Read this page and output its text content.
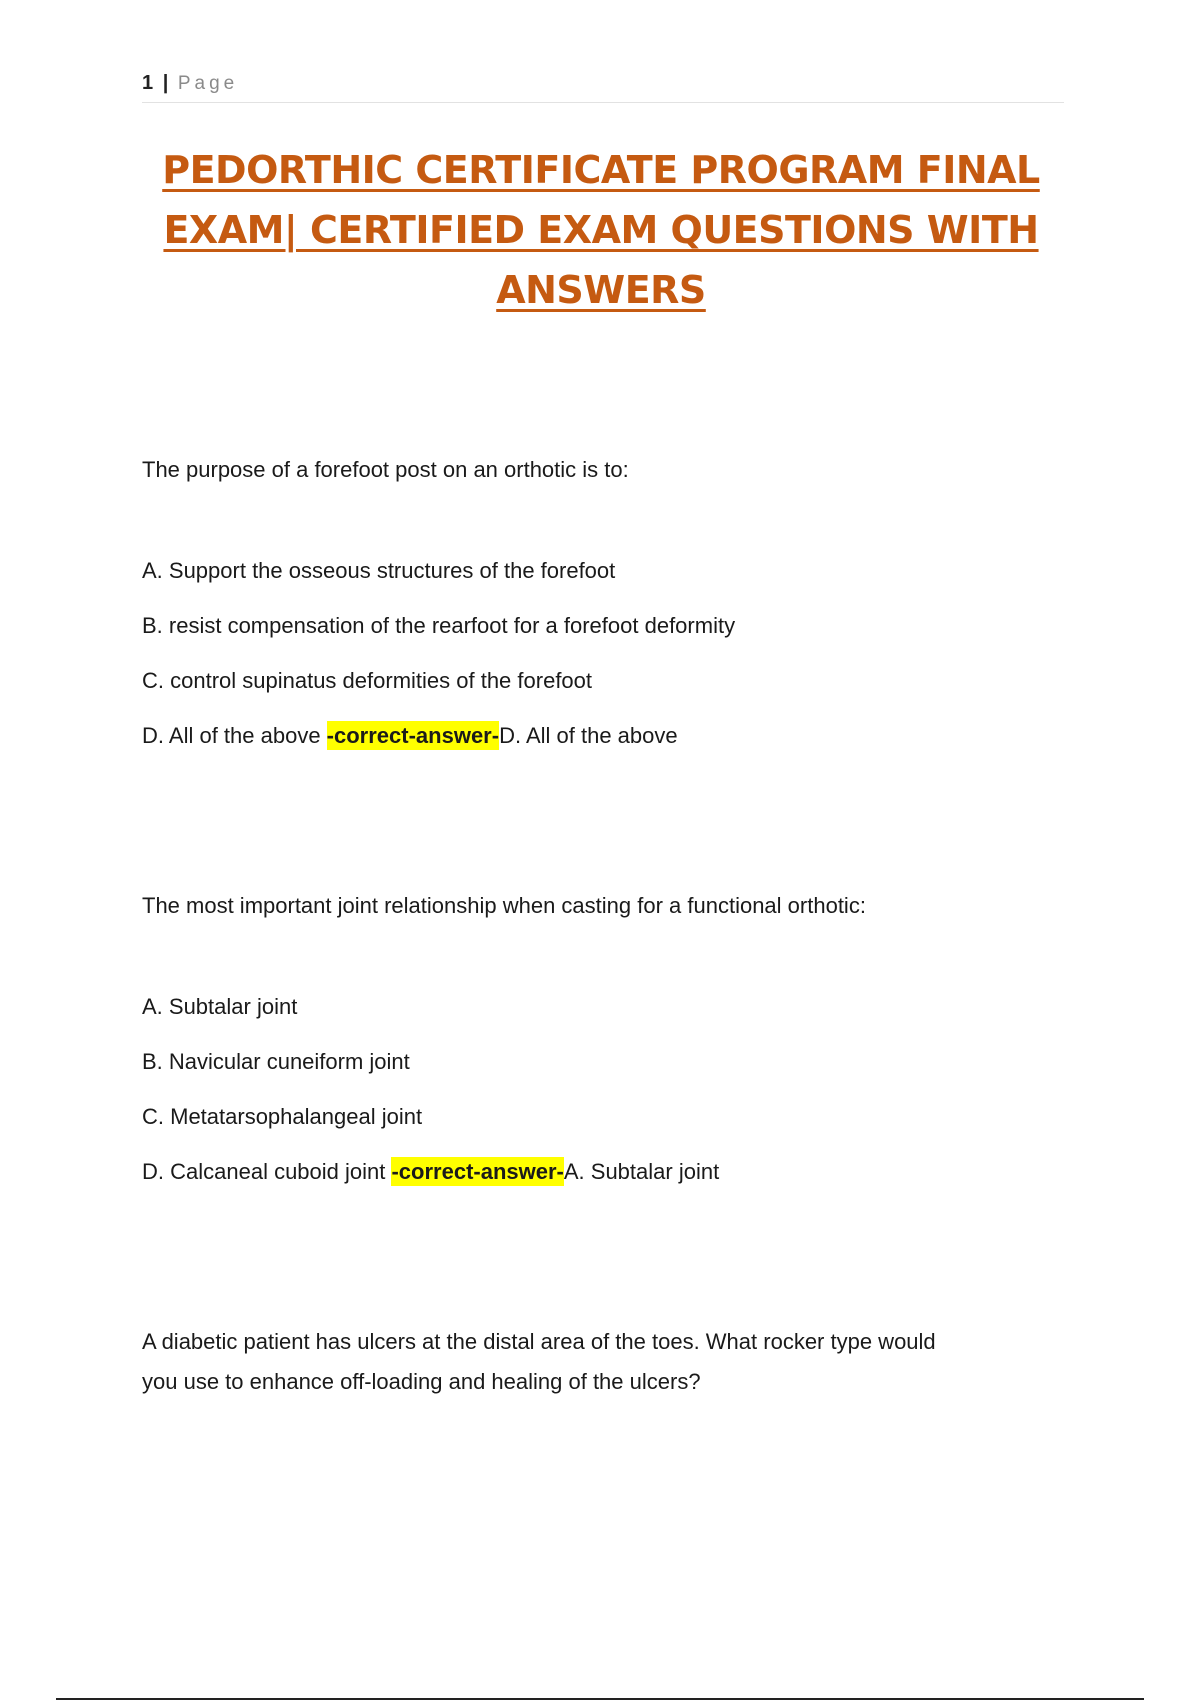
1 | Page
PEDORTHIC CERTIFICATE PROGRAM FINAL
EXAM| CERTIFIED EXAM QUESTIONS WITH
ANSWERS

The purpose of a forefoot post on an orthotic is to:

A. Support the osseous structures of the forefoot

B. resist compensation of the rearfoot for a forefoot deformity

C. control supinatus deformities of the forefoot

D. All of the above -correct-answer-D. All of the above

The most important joint relationship when casting for a functional orthotic:

A. Subtalar joint

B. Navicular cuneiform joint

C. Metatarsophalangeal joint

D. Calcaneal cuboid joint -correct-answer-A. Subtalar joint

A diabetic patient has ulcers at the distal area of the toes. What rocker type would

you use to enhance off-loading and healing of the ulcers?
